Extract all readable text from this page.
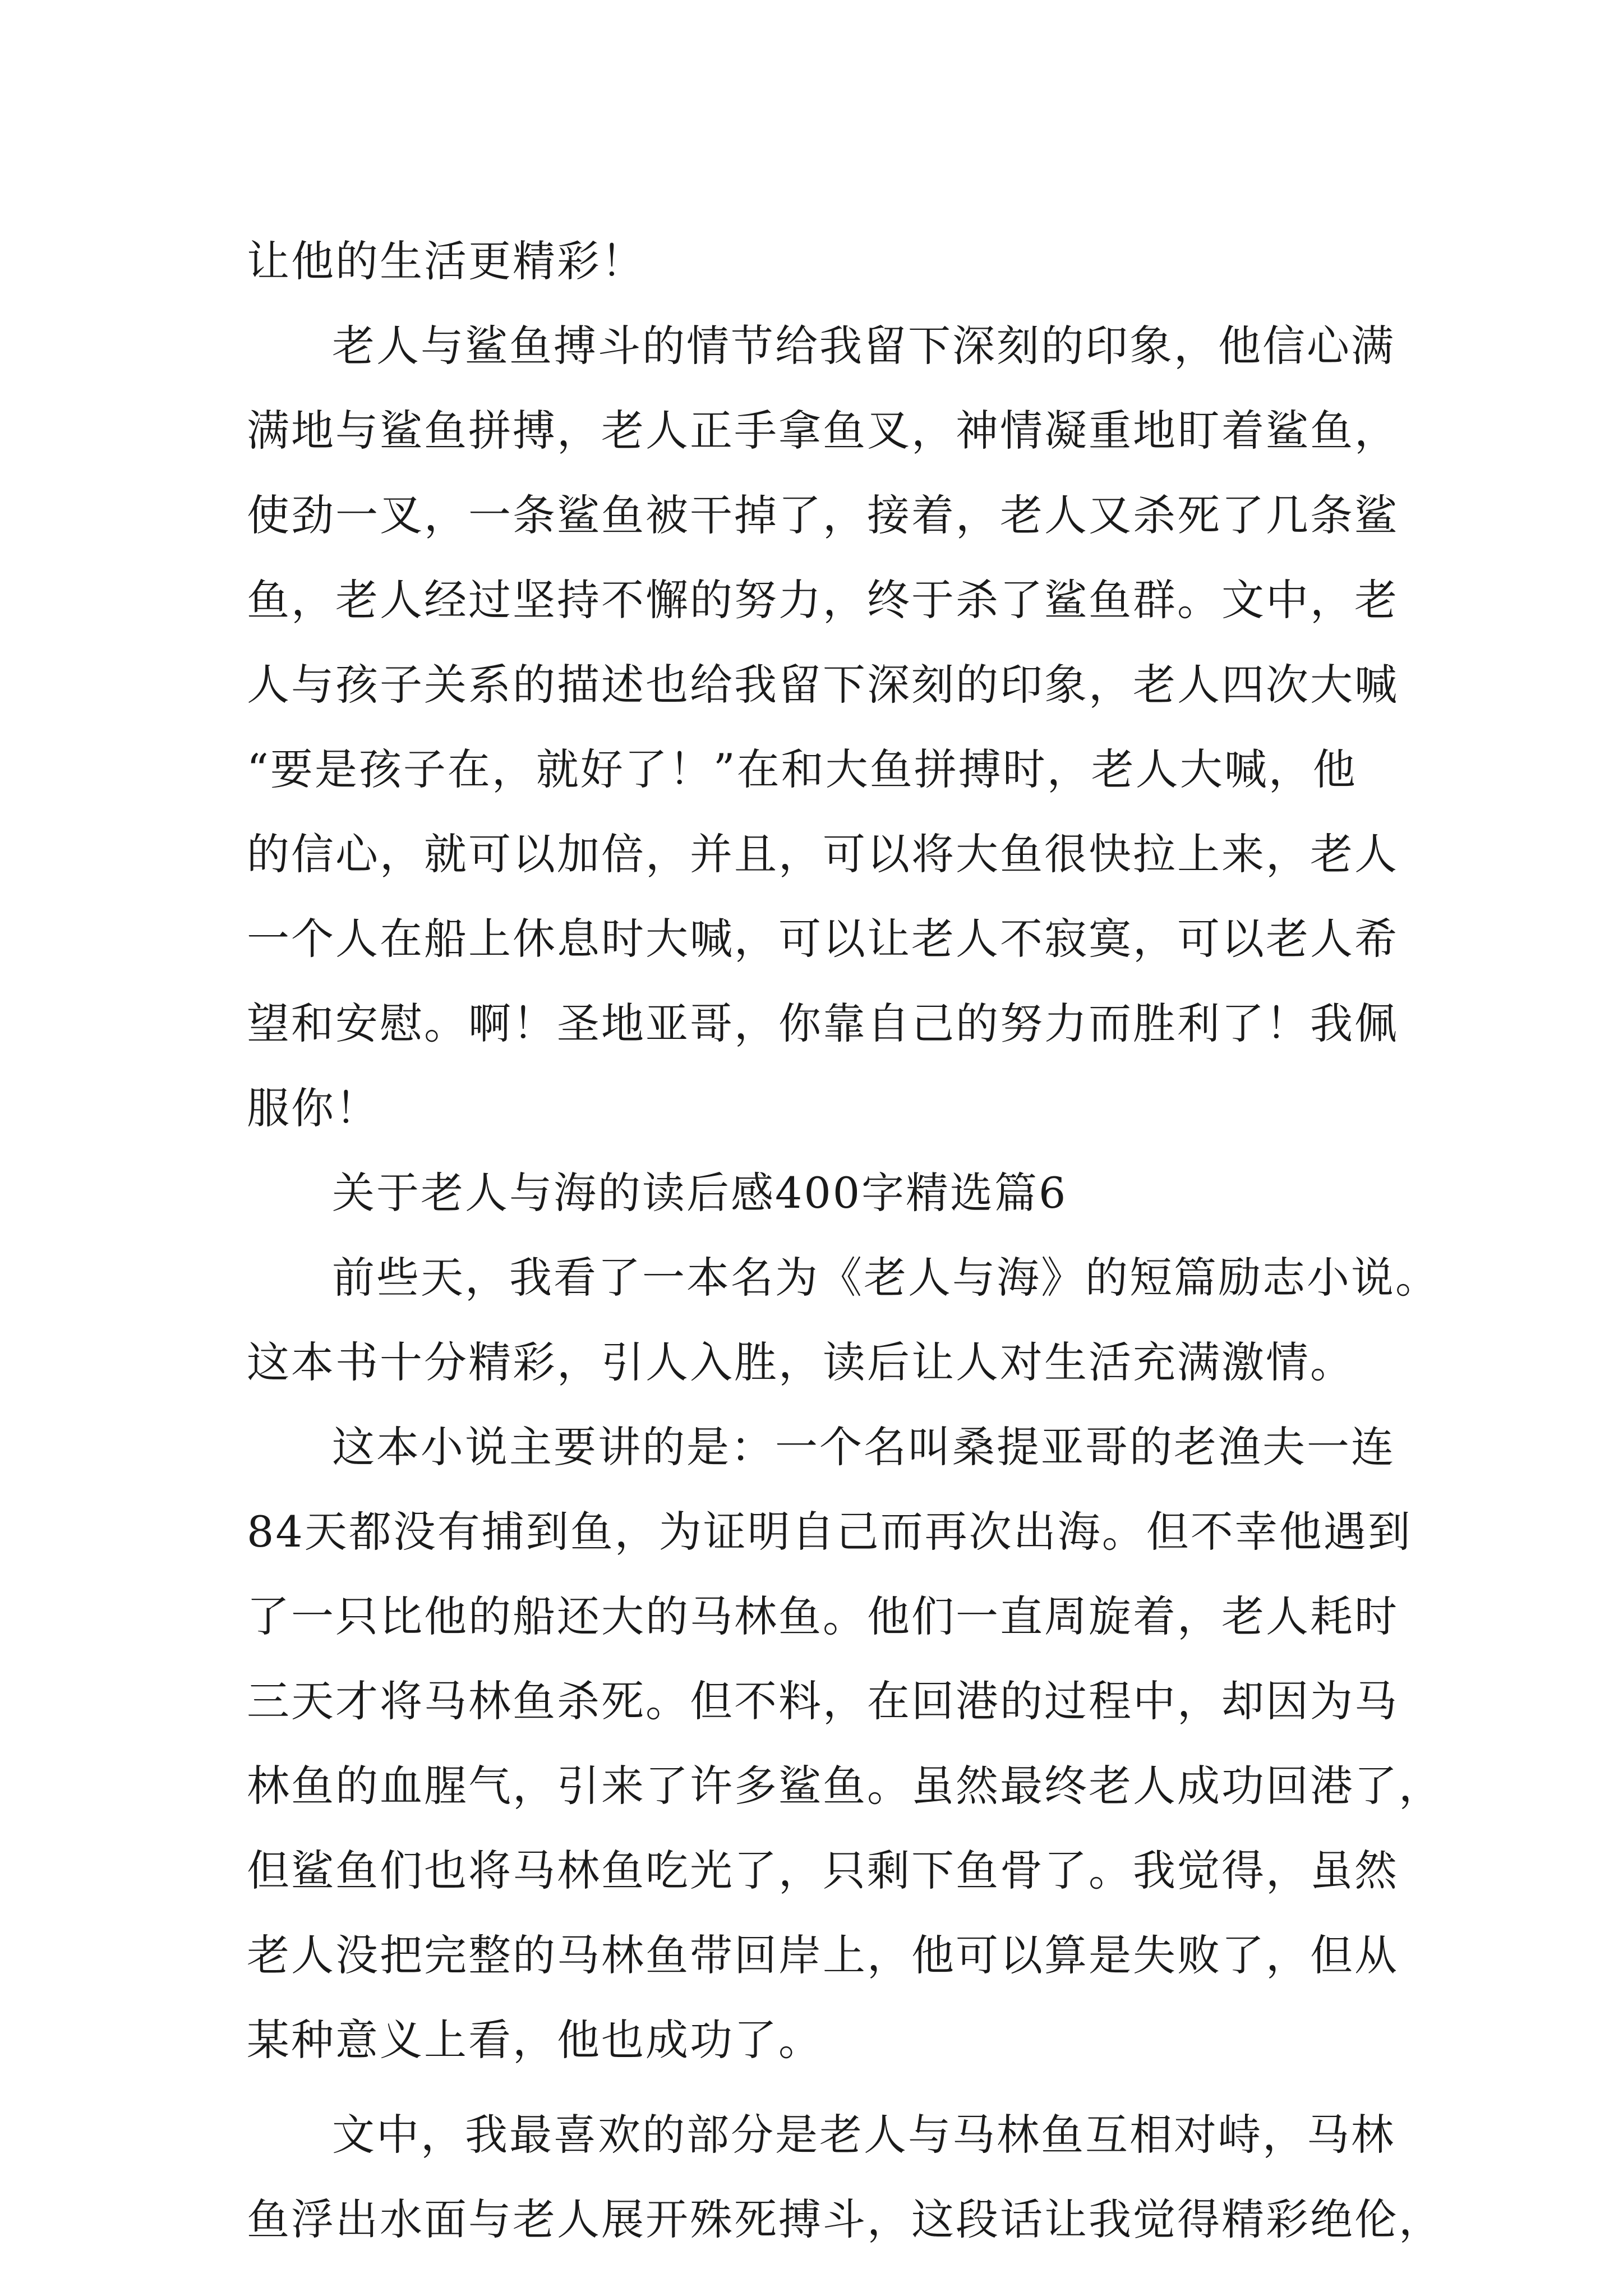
让他的生活更精彩！
老人与鲨鱼搏斗的情节给我留下深刻的印象，他信心满
满地与鲨鱼拼搏，老人正手拿鱼叉，神情凝重地盯着鲨鱼，
使劲一叉，一条鲨鱼被干掉了，接着，老人又杀死了几条鲨
鱼，老人经过坚持不懈的努力，终于杀了鲨鱼群。文中，老
人与孩子关系的描述也给我留下深刻的印象，老人四次大喊
“要是孩子在，就好了！”在和大鱼拼搏时，老人大喊，他
的信心，就可以加倍，并且，可以将大鱼很快拉上来，老人
一个人在船上休息时大喊，可以让老人不寂寞，可以老人希
望和安慰。啊！圣地亚哥，你靠自己的努力而胜利了！我佩
服你！
关于老人与海的读后感400字精选篇6
前些天，我看了一本名为《老人与海》的短篇励志小说。
这本书十分精彩，引人入胜，读后让人对生活充满激情。
这本小说主要讲的是：一个名叫桑提亚哥的老渔夫一连
84天都没有捕到鱼，为证明自己而再次出海。但不幸他遇到
了一只比他的船还大的马林鱼。他们一直周旋着，老人耗时
三天才将马林鱼杀死。但不料，在回港的过程中，却因为马
林鱼的血腥气，引来了许多鲨鱼。虽然最终老人成功回港了，
但鲨鱼们也将马林鱼吃光了，只剩下鱼骨了。我觉得，虽然
老人没把完整的马林鱼带回岸上，他可以算是失败了，但从
某种意义上看，他也成功了。
文中，我最喜欢的部分是老人与马林鱼互相对峙，马林
鱼浮出水面与老人展开殊死搏斗，这段话让我觉得精彩绝伦，
